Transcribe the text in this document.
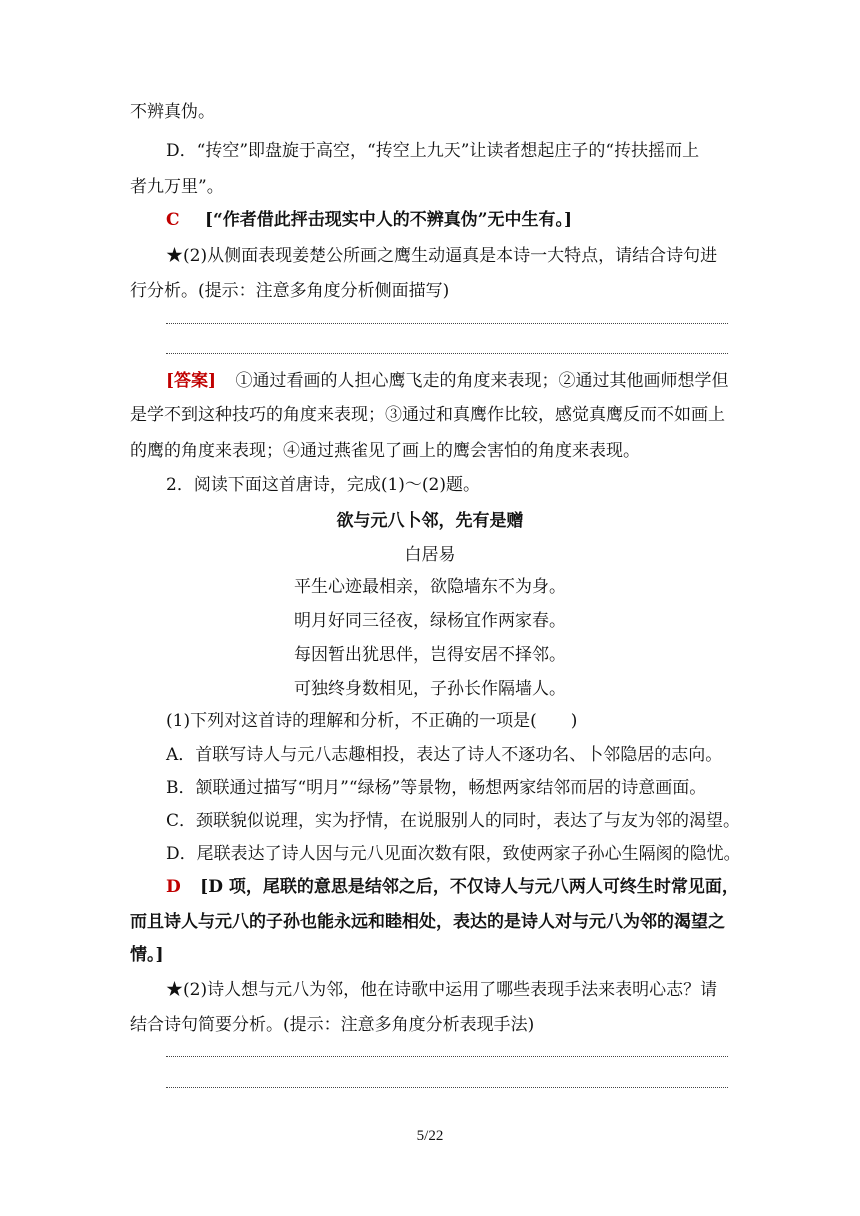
不辨真伪。
D．“抟空”即盘旋于高空，“抟空上九天”让读者想起庄子的“抟扶摇而上
者九万里”。
C [“作者借此抨击现实中人的不辨真伪”无中生有。]
★(2)从侧面表现姜楚公所画之鹰生动逼真是本诗一大特点，请结合诗句进
行分析。(提示：注意多角度分析侧面描写)
[答案] ①通过看画的人担心鹰飞走的角度来表现；②通过其他画师想学但
是学不到这种技巧的角度来表现；③通过和真鹰作比较，感觉真鹰反而不如画上
的鹰的角度来表现；④通过燕雀见了画上的鹰会害怕的角度来表现。
2．阅读下面这首唐诗，完成(1)～(2)题。
欲与元八卜邻，先有是赠
白居易
平生心迹最相亲，欲隐墙东不为身。
明月好同三径夜，绿杨宜作两家春。
每因暂出犹思伴，岂得安居不择邻。
可独终身数相见，子孙长作隔墙人。
(1)下列对这首诗的理解和分析，不正确的一项是(　　)
A．首联写诗人与元八志趣相投，表达了诗人不逐功名、卜邻隐居的志向。
B．颔联通过描写“明月”“绿杨”等景物，畅想两家结邻而居的诗意画面。
C．颈联貌似说理，实为抒情，在说服别人的同时，表达了与友为邻的渴望。
D．尾联表达了诗人因与元八见面次数有限，致使两家子孙心生隔阂的隐忧。
D [D 项，尾联的意思是结邻之后，不仅诗人与元八两人可终生时常见面，
而且诗人与元八的子孙也能永远和睦相处，表达的是诗人对与元八为邻的渴望之
情。]
★(2)诗人想与元八为邻，他在诗歌中运用了哪些表现手法来表明心志？请
结合诗句简要分析。(提示：注意多角度分析表现手法)
5/22
